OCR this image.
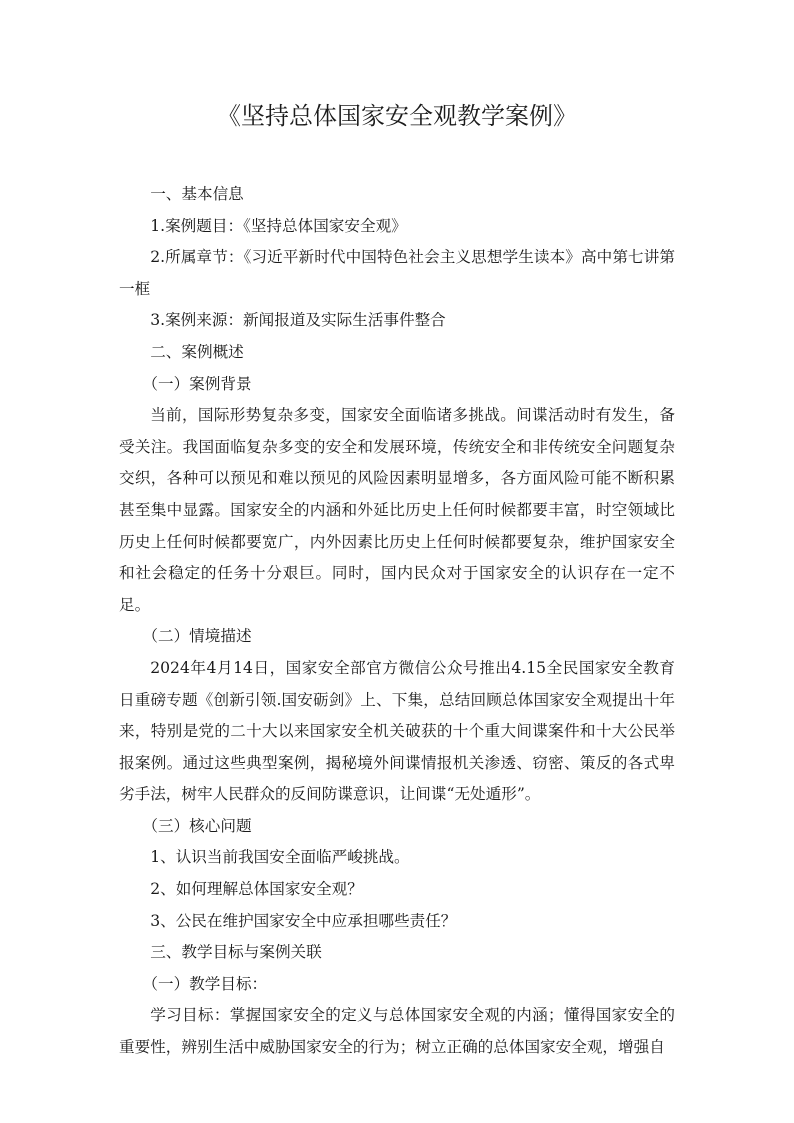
《坚持总体国家安全观教学案例》

一、基本信息

1.案例题目：《坚持总体国家安全观》

2.所属章节：《习近平新时代中国特色社会主义思想学生读本》高中第七讲第一框

3.案例来源：新闻报道及实际生活事件整合

二、案例概述

（一）案例背景

当前，国际形势复杂多变，国家安全面临诸多挑战。间谍活动时有发生，备受关注。我国面临复杂多变的安全和发展环境，传统安全和非传统安全问题复杂交织，各种可以预见和难以预见的风险因素明显增多，各方面风险可能不断积累甚至集中显露。国家安全的内涵和外延比历史上任何时候都要丰富，时空领域比历史上任何时候都要宽广，内外因素比历史上任何时候都要复杂，维护国家安全和社会稳定的任务十分艰巨。同时，国内民众对于国家安全的认识存在一定不足。

（二）情境描述

2024年4月14日，国家安全部官方微信公众号推出4.15全民国家安全教育日重磅专题《创新引领.国安砺剑》上、下集，总结回顾总体国家安全观提出十年来，特别是党的二十大以来国家安全机关破获的十个重大间谍案件和十大公民举报案例。通过这些典型案例，揭秘境外间谍情报机关渗透、窃密、策反的各式卑劣手法，树牢人民群众的反间防谍意识，让间谍“无处遁形”。

（三）核心问题

1、认识当前我国安全面临严峻挑战。

2、如何理解总体国家安全观？

3、公民在维护国家安全中应承担哪些责任？

三、教学目标与案例关联

（一）教学目标：

学习目标：掌握国家安全的定义与总体国家安全观的内涵；懂得国家安全的重要性，辨别生活中威胁国家安全的行为；树立正确的总体国家安全观，增强自
